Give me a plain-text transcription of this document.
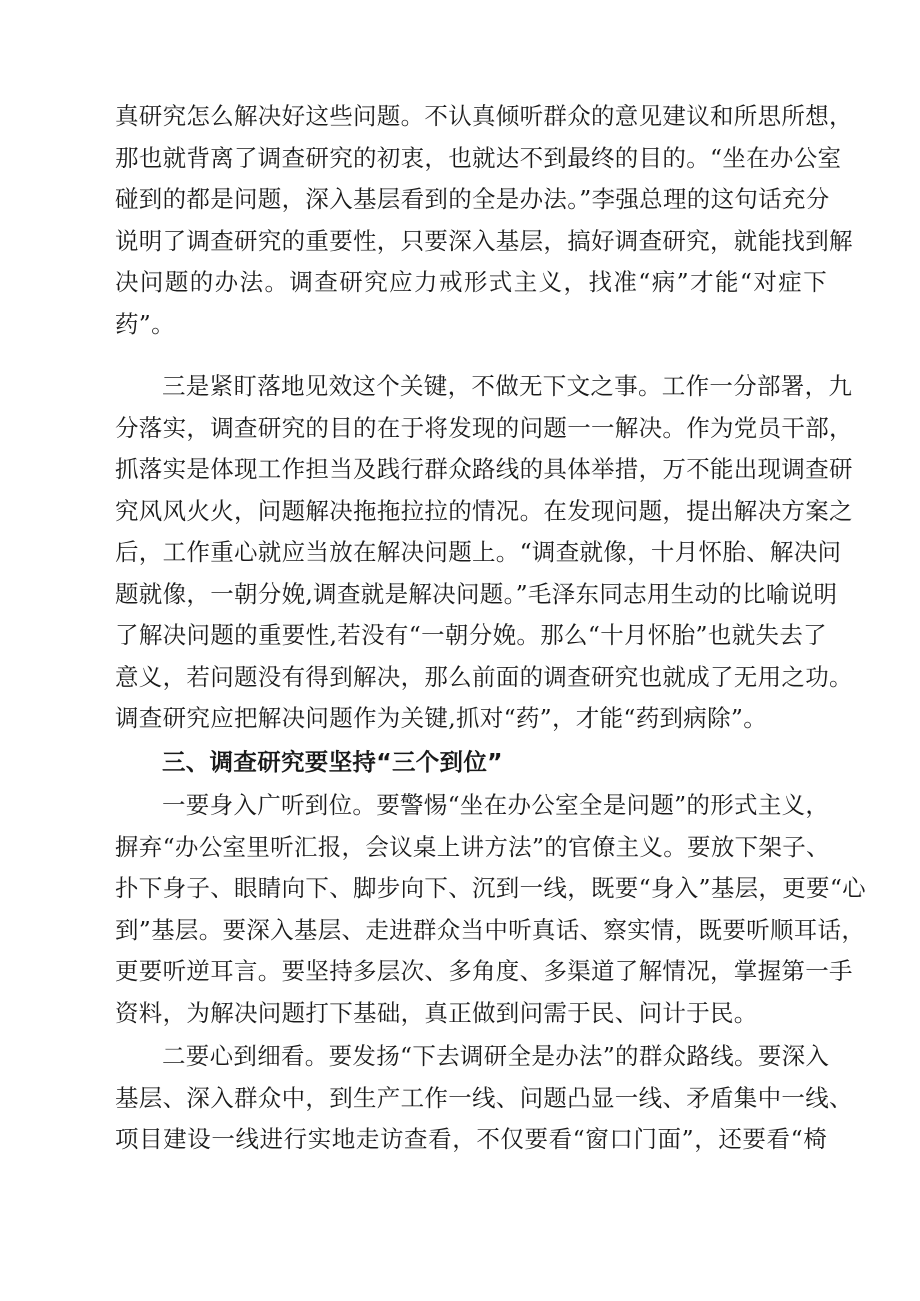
真研究怎么解决好这些问题。不认真倾听群众的意见建议和所思所想，
那也就背离了调查研究的初衷，也就达不到最终的目的。“坐在办公室
碰到的都是问题，深入基层看到的全是办法。”李强总理的这句话充分
说明了调查研究的重要性，只要深入基层，搞好调查研究，就能找到解
决问题的办法。调查研究应力戒形式主义，找准“病”才能“对症下
药”。
三是紧盯落地见效这个关键，不做无下文之事。工作一分部署，九
分落实，调查研究的目的在于将发现的问题一一解决。作为党员干部，
抓落实是体现工作担当及践行群众路线的具体举措，万不能出现调查研
究风风火火，问题解决拖拖拉拉的情况。在发现问题，提出解决方案之
后，工作重心就应当放在解决问题上。“调查就像，十月怀胎、解决问
题就像，一朝分娩,调查就是解决问题。”毛泽东同志用生动的比喻说明
了解决问题的重要性,若没有“一朝分娩。那么“十月怀胎”也就失去了
意义，若问题没有得到解决，那么前面的调查研究也就成了无用之功。
调查研究应把解决问题作为关键,抓对“药”，才能“药到病除”。
三、调查研究要坚持“三个到位”
一要身入广听到位。要警惕“坐在办公室全是问题”的形式主义，
摒弃“办公室里听汇报，会议桌上讲方法”的官僚主义。要放下架子、
扑下身子、眼睛向下、脚步向下、沉到一线，既要“身入”基层，更要“心
到”基层。要深入基层、走进群众当中听真话、察实情，既要听顺耳话，
更要听逆耳言。要坚持多层次、多角度、多渠道了解情况，掌握第一手
资料，为解决问题打下基础，真正做到问需于民、问计于民。
二要心到细看。要发扬“下去调研全是办法”的群众路线。要深入
基层、深入群众中，到生产工作一线、问题凸显一线、矛盾集中一线、
项目建设一线进行实地走访查看，不仅要看“窗口门面”，还要看“椅
